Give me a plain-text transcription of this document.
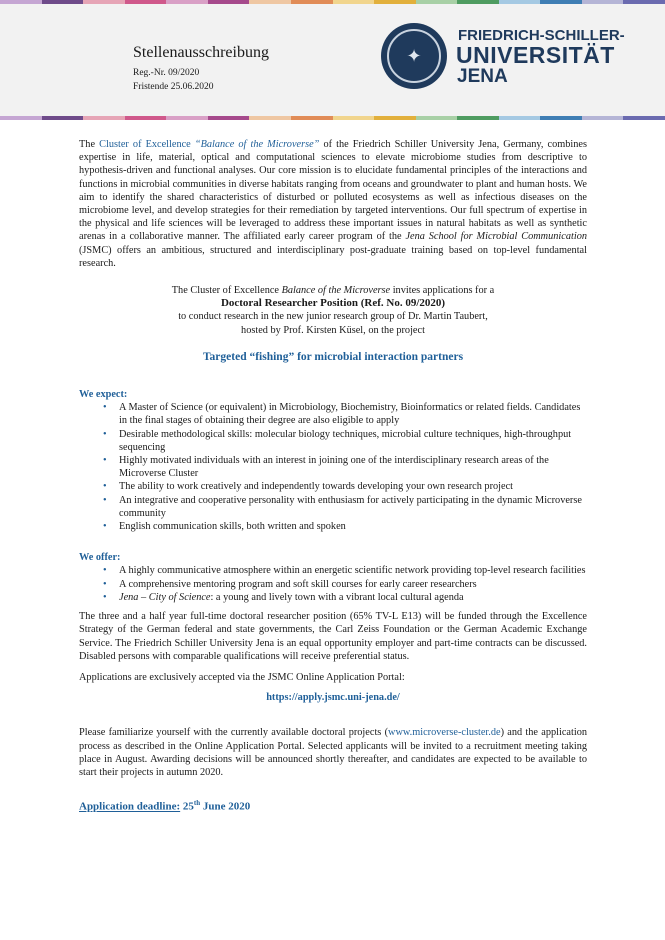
Stellenausschreibung
Reg.-Nr. 09/2020
Fristende 25.06.2020
✦
FRIEDRICH-SCHILLER-
UNIVERSITÄT
JENA

The Cluster of Excellence “Balance of the Microverse” of the Friedrich Schiller University Jena, Germany, combines expertise in life, material, optical and computational sciences to elevate microbiome studies from descriptive to hypothesis-driven and functional analyses. Our core mission is to elucidate fundamental principles of the interactions and functions in microbial communities in diverse habitats ranging from oceans and groundwater to plant and human hosts. We aim to identify the shared characteristics of disturbed or polluted ecosystems as well as infectious diseases on the microbiome level, and develop strategies for their remediation by targeted interventions. Our full spectrum of expertise in the physical and life sciences will be leveraged to address these important issues in natural habitats as well as synthetic arenas in a collaborative manner. The affiliated early career program of the Jena School for Microbial Communication (JSMC) offers an ambitious, structured and interdisciplinary post-graduate training based on top-level fundamental research.

The Cluster of Excellence Balance of the Microverse invites applications for a

Doctoral Researcher Position (Ref. No. 09/2020)

to conduct research in the new junior research group of Dr. Martin Taubert,

hosted by Prof. Kirsten Küsel, on the project

Targeted “fishing” for microbial interaction partners

We expect:

• A Master of Science (or equivalent) in Microbiology, Biochemistry, Bioinformatics or related fields. Candidates in the final stages of obtaining their degree are also eligible to apply
• Desirable methodological skills: molecular biology techniques, microbial culture techniques, high-throughput sequencing
• Highly motivated individuals with an interest in joining one of the interdisciplinary research areas of the Microverse Cluster
• The ability to work creatively and independently towards developing your own research project
• An integrative and cooperative personality with enthusiasm for actively participating in the dynamic Microverse community
• English communication skills, both written and spoken

We offer:

• A highly communicative atmosphere within an energetic scientific network providing top-level research facilities
• A comprehensive mentoring program and soft skill courses for early career researchers
• Jena – City of Science: a young and lively town with a vibrant local cultural agenda

The three and a half year full-time doctoral researcher position (65% TV-L E13) will be funded through the Excellence Strategy of the German federal and state governments, the Carl Zeiss Foundation or the German Academic Exchange Service. The Friedrich Schiller University Jena is an equal opportunity employer and part-time contracts can be discussed. Disabled persons with comparable qualifications will receive preferential status.

Applications are exclusively accepted via the JSMC Online Application Portal:

https://apply.jsmc.uni-jena.de/

Please familiarize yourself with the currently available doctoral projects (www.microverse-cluster.de) and the application process as described in the Online Application Portal. Selected applicants will be invited to a recruitment meeting taking place in August. Awarding decisions will be announced shortly thereafter, and candidates are expected to be available to start their projects in autumn 2020.

Application deadline: 25th June 2020
